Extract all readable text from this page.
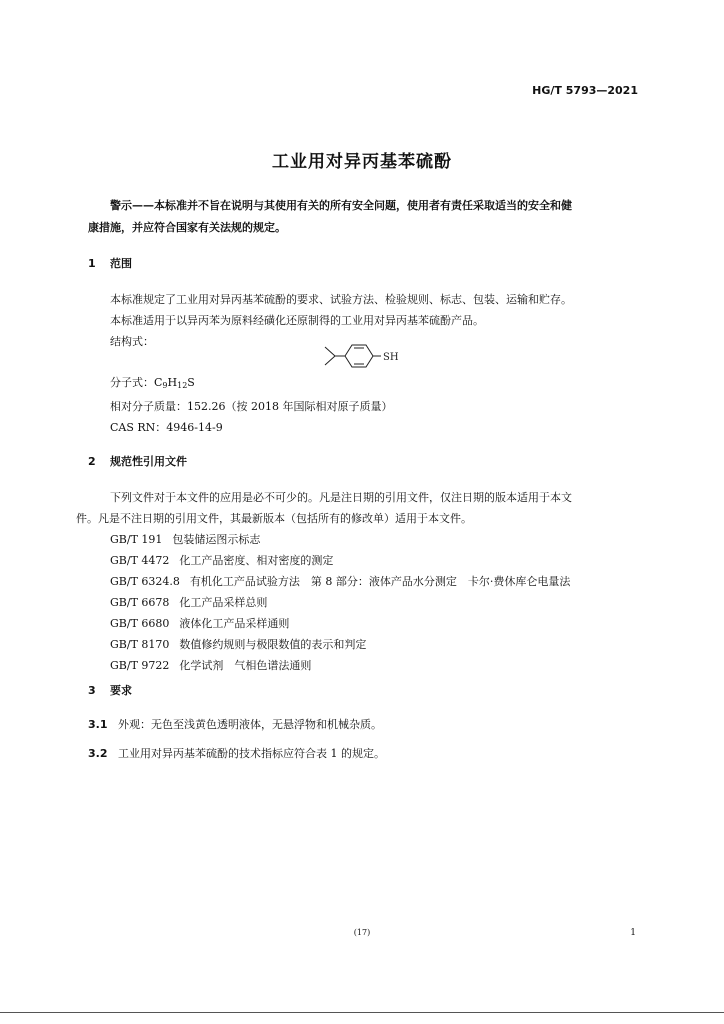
HG/T 5793—2021
工业用对异丙基苯硫酚
警示——本标准并不旨在说明与其使用有关的所有安全问题，使用者有责任采取适当的安全和健
康措施，并应符合国家有关法规的规定。
1 范围
本标准规定了工业用对异丙基苯硫酚的要求、试验方法、检验规则、标志、包装、运输和贮存。
本标准适用于以异丙苯为原料经磺化还原制得的工业用对异丙基苯硫酚产品。
结构式：
SH
分子式：$C_9H_{12}S$
相对分子质量：152.26（按 2018 年国际相对原子质量）
CAS RN：4946-14-9
2 规范性引用文件
下列文件对于本文件的应用是必不可少的。凡是注日期的引用文件，仅注日期的版本适用于本文
件。凡是不注日期的引用文件，其最新版本（包括所有的修改单）适用于本文件。
GB/T 191 包装储运图示标志
GB/T 4472 化工产品密度、相对密度的测定
GB/T 6324.8 有机化工产品试验方法　第 8 部分：液体产品水分测定　卡尔·费休库仑电量法
GB/T 6678 化工产品采样总则
GB/T 6680 液体化工产品采样通则
GB/T 8170 数值修约规则与极限数值的表示和判定
GB/T 9722 化学试剂　气相色谱法通则
3 要求
3.1 外观：无色至浅黄色透明液体，无悬浮物和机械杂质。
3.2 工业用对异丙基苯硫酚的技术指标应符合表 1 的规定。
(17)	1
